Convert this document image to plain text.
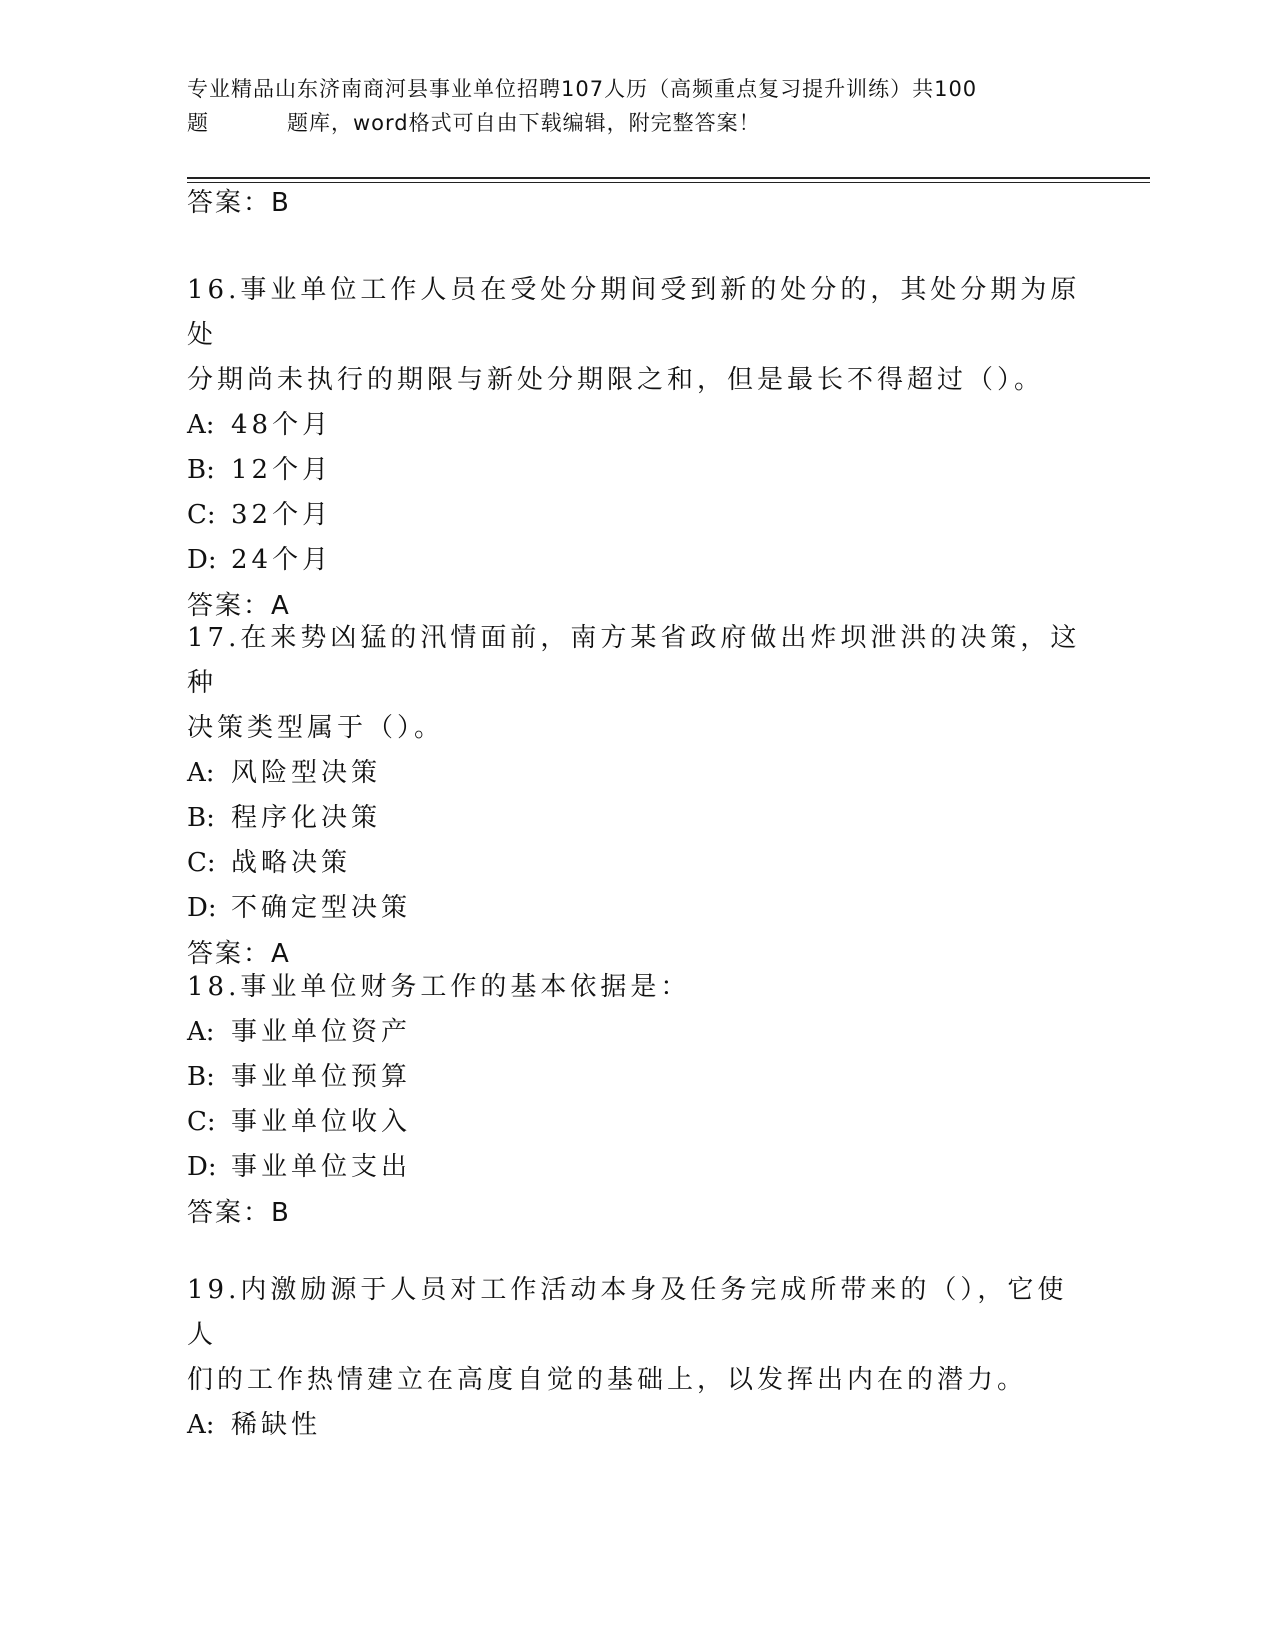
专业精品山东济南商河县事业单位招聘107人历（高频重点复习提升训练）共100
题	题库，word格式可自由下载编辑，附完整答案！
答案：B
16.事业单位工作人员在受处分期间受到新的处分的，其处分期为原处
分期尚未执行的期限与新处分期限之和，但是最长不得超过（）。
A: 48个月
B: 12个月
C: 32个月
D: 24个月
答案：A
17.在来势凶猛的汛情面前，南方某省政府做出炸坝泄洪的决策，这种
决策类型属于（）。
A: 风险型决策
B: 程序化决策
C: 战略决策
D: 不确定型决策
答案：A
18.事业单位财务工作的基本依据是：
A: 事业单位资产
B: 事业单位预算
C: 事业单位收入
D: 事业单位支出
答案：B
19.内激励源于人员对工作活动本身及任务完成所带来的（），它使人
们的工作热情建立在高度自觉的基础上，以发挥出内在的潜力。
A: 稀缺性
